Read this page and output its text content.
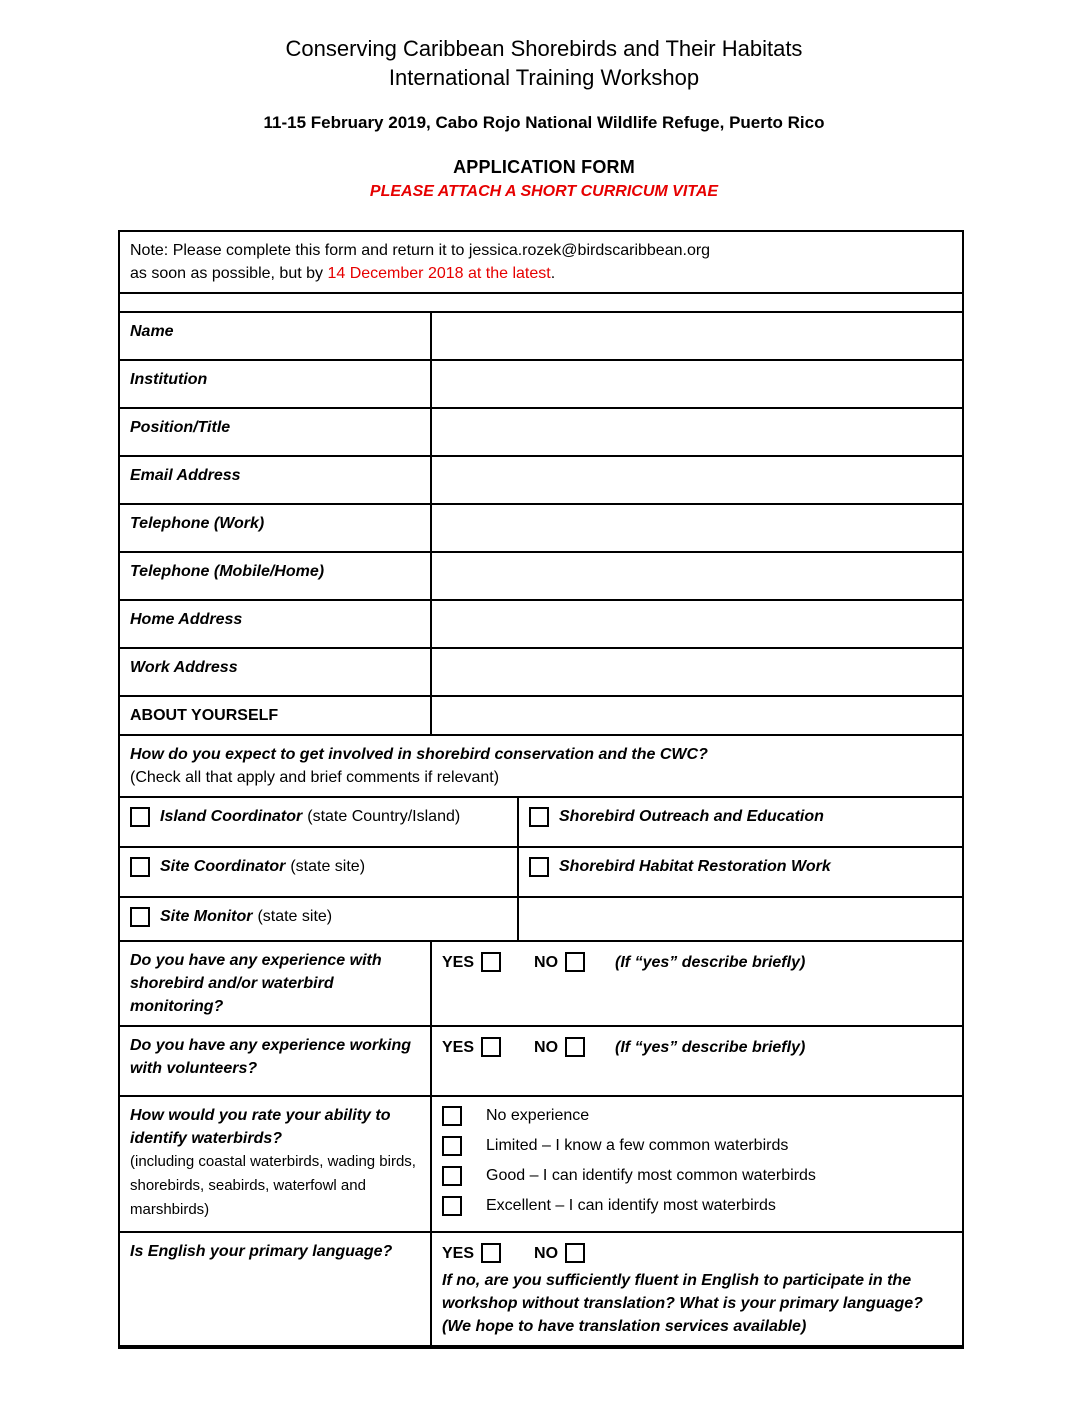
Conserving Caribbean Shorebirds and Their Habitats
International Training Workshop
11-15 February 2019, Cabo Rojo National Wildlife Refuge, Puerto Rico
APPLICATION FORM
PLEASE ATTACH A SHORT CURRICUM VITAE
Note: Please complete this form and return it to jessica.rozek@birdscaribbean.org
as soon as possible, but by 14 December 2018 at the latest.		

Name		
Institution		
Position/Title		
Email Address		
Telephone (Work)		
Telephone (Mobile/Home)		
Home Address		
Work Address		
ABOUT YOURSELF		

How do you expect to get involved in shorebird conservation and the CWC?
(Check all that apply and brief comments if relevant)		

Island Coordinator (state Country/Island)		Shorebird Outreach and Education

Site Coordinator (state site)		Shorebird Habitat Restoration Work

Site Monitor (state site)		

Do you have any experience with shorebird and/or waterbird monitoring?	YES NO (If “yes” describe briefly)	

Do you have any experience working with volunteers?	YES NO (If “yes” describe briefly)	

How would you rate your ability to identify waterbirds?
(including coastal waterbirds, wading birds, shorebirds, seabirds, waterfowl and marshbirds)

No experience
Limited – I know a few common waterbirds
Good – I can identify most common waterbirds
Excellent – I can identify most waterbirds

Is English your primary language?	YES NO
If no, are you sufficiently fluent in English to participate in the workshop without translation? What is your primary language? (We hope to have translation services available)	
